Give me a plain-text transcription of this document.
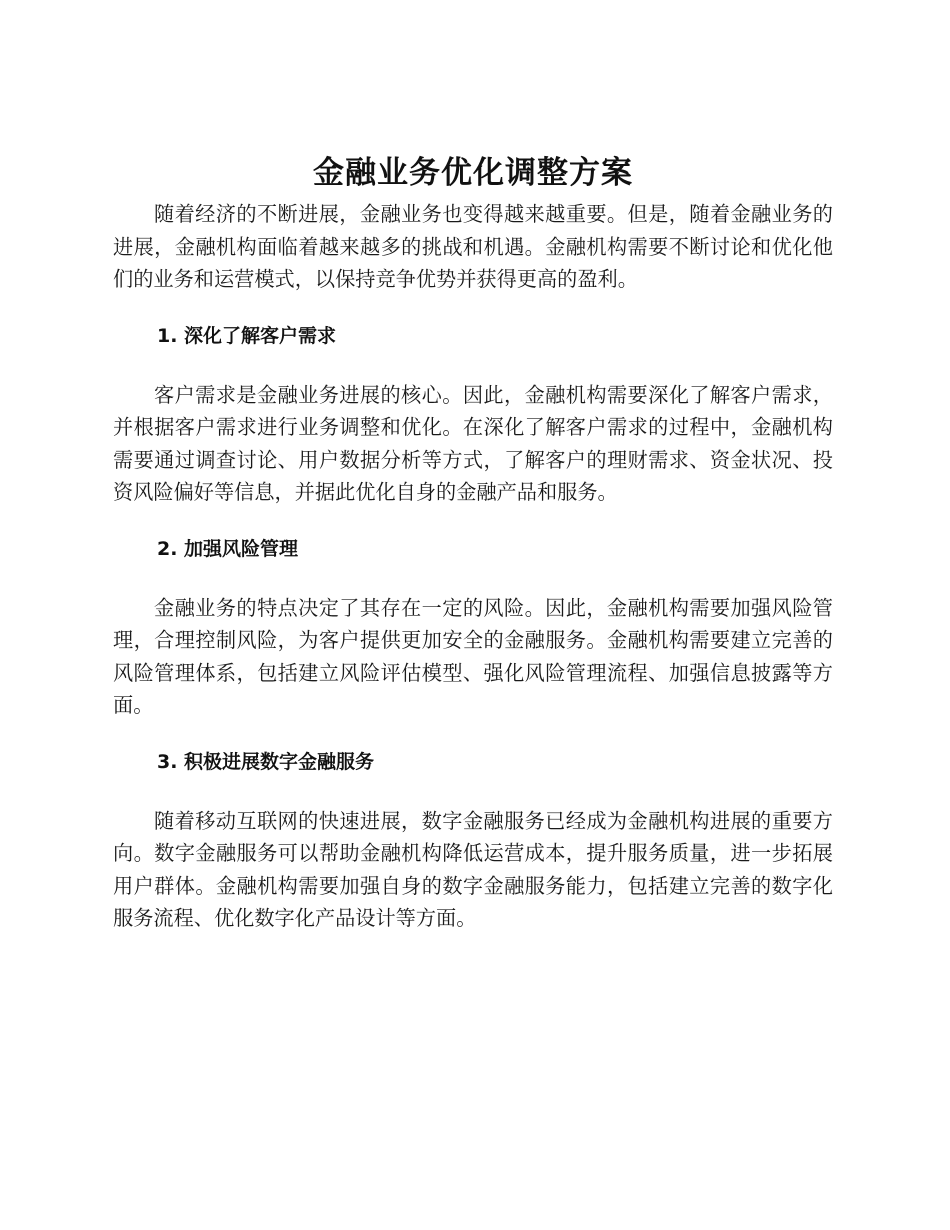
金融业务优化调整方案

随着经济的不断进展，金融业务也变得越来越重要。但是，随着金融业务的进展，金融机构面临着越来越多的挑战和机遇。金融机构需要不断讨论和优化他们的业务和运营模式，以保持竞争优势并获得更高的盈利。

1. 深化了解客户需求

客户需求是金融业务进展的核心。因此，金融机构需要深化了解客户需求，并根据客户需求进行业务调整和优化。在深化了解客户需求的过程中，金融机构需要通过调查讨论、用户数据分析等方式，了解客户的理财需求、资金状况、投资风险偏好等信息，并据此优化自身的金融产品和服务。

2. 加强风险管理

金融业务的特点决定了其存在一定的风险。因此，金融机构需要加强风险管理，合理控制风险，为客户提供更加安全的金融服务。金融机构需要建立完善的风险管理体系，包括建立风险评估模型、强化风险管理流程、加强信息披露等方面。

3. 积极进展数字金融服务

随着移动互联网的快速进展，数字金融服务已经成为金融机构进展的重要方向。数字金融服务可以帮助金融机构降低运营成本，提升服务质量，进一步拓展用户群体。金融机构需要加强自身的数字金融服务能力，包括建立完善的数字化服务流程、优化数字化产品设计等方面。
